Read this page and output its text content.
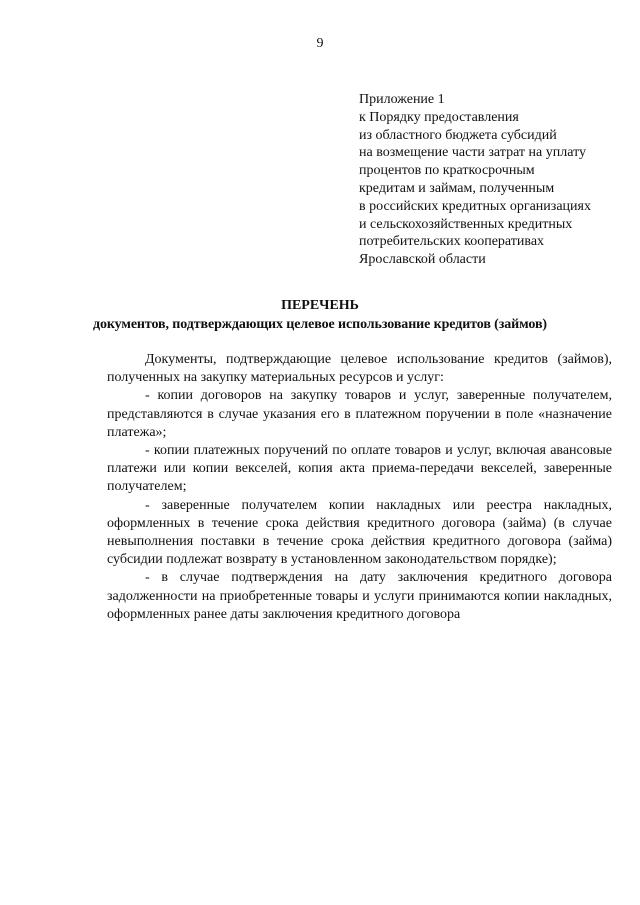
9
Приложение 1
к Порядку предоставления
из областного бюджета субсидий
на возмещение части затрат на уплату
процентов по краткосрочным
кредитам и займам, полученным
в российских кредитных организациях
и сельскохозяйственных кредитных
потребительских кооперативах
Ярославской области
ПЕРЕЧЕНЬ
документов, подтверждающих целевое использование кредитов (займов)

Документы, подтверждающие целевое использование кредитов (займов), полученных на закупку материальных ресурсов и услуг:

- копии договоров на закупку товаров и услуг, заверенные получателем, представляются в случае указания его в платежном поручении в поле «назначение платежа»;

- копии платежных поручений по оплате товаров и услуг, включая авансовые платежи или копии векселей, копия акта приема-передачи векселей, заверенные получателем;

- заверенные получателем копии накладных или реестра накладных, оформленных в течение срока действия кредитного договора (займа) (в случае невыполнения поставки в течение срока действия кредитного договора (займа) субсидии подлежат возврату в установленном законодательством порядке);

- в случае подтверждения на дату заключения кредитного договора задолженности на приобретенные товары и услуги принимаются копии накладных, оформленных ранее даты заключения кредитного договора
